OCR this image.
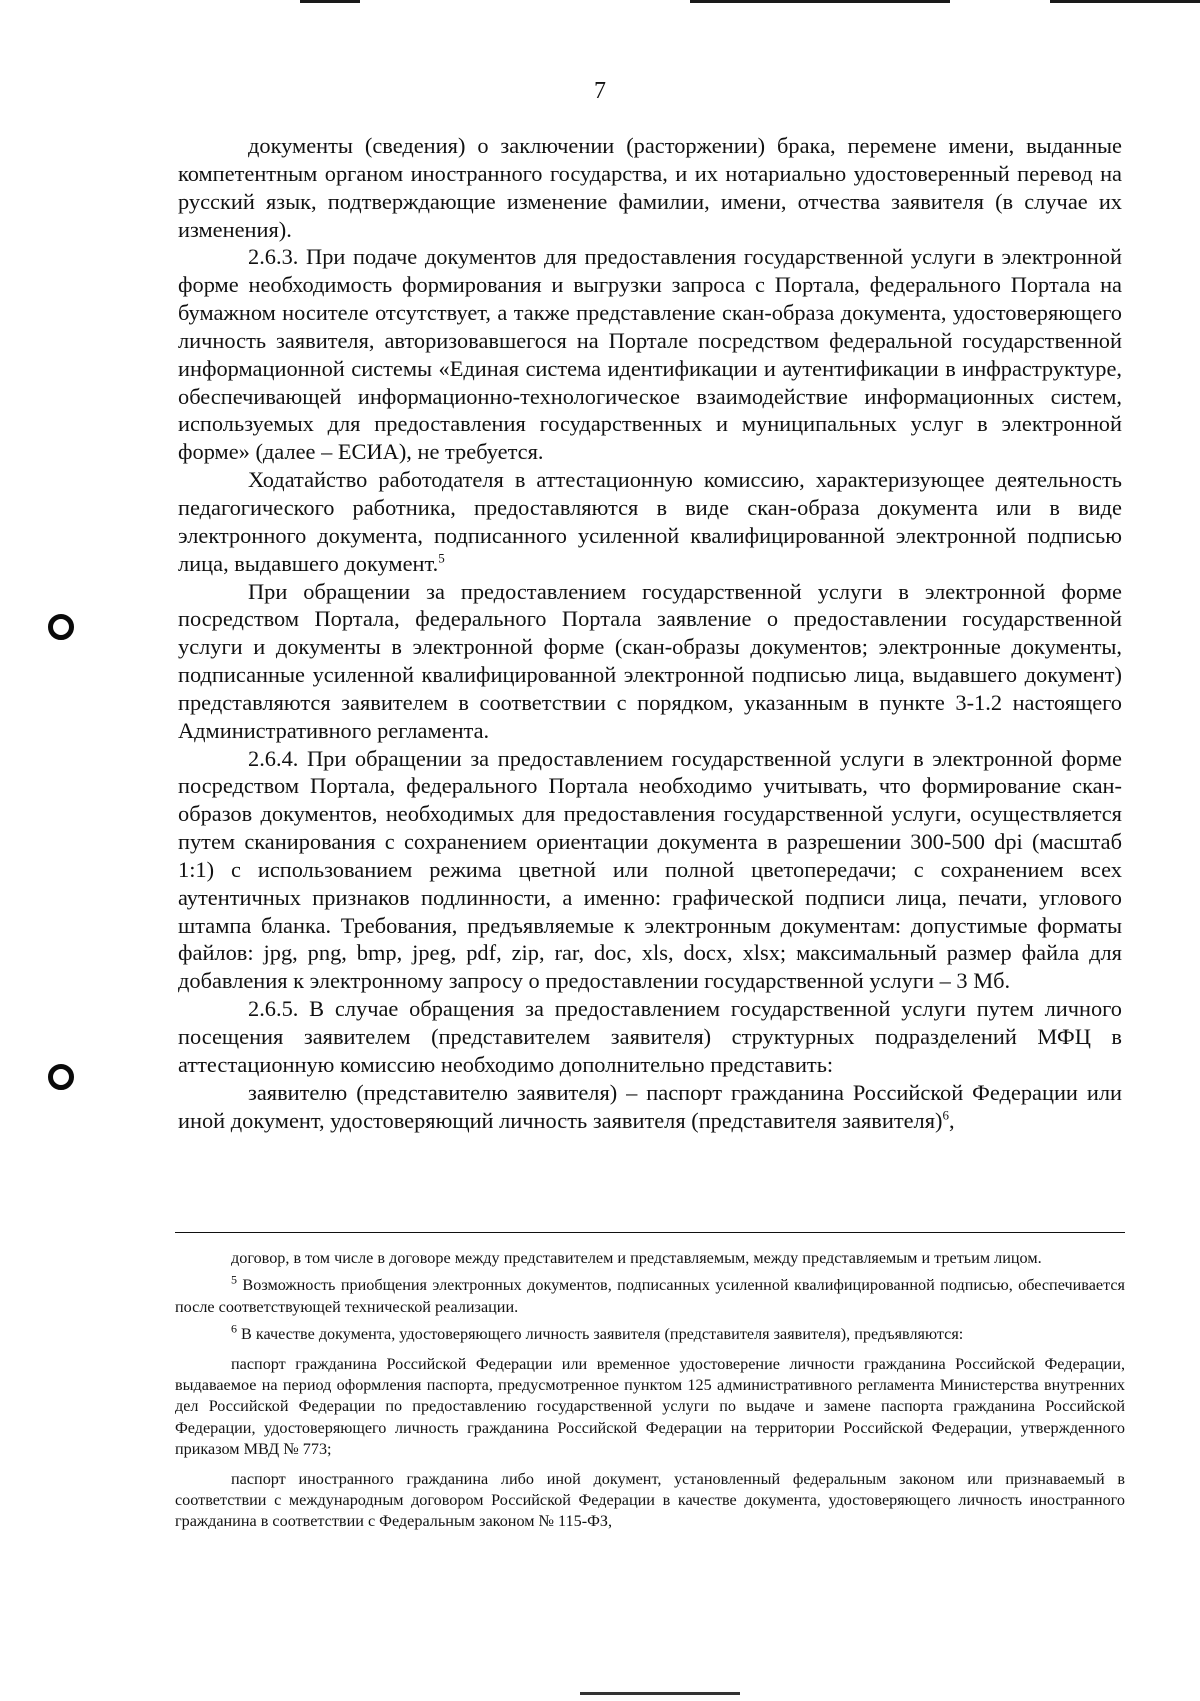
7

документы (сведения) о заключении (расторжении) брака, перемене имени, выданные компетентным органом иностранного государства, и их нотариально удостоверенный перевод на русский язык, подтверждающие изменение фамилии, имени, отчества заявителя (в случае их изменения).

2.6.3. При подаче документов для предоставления государственной услуги в электронной форме необходимость формирования и выгрузки запроса с Портала, федерального Портала на бумажном носителе отсутствует, а также представление скан-образа документа, удостоверяющего личность заявителя, авторизовавшегося на Портале посредством федеральной государственной информационной системы «Единая система идентификации и аутентификации в инфраструктуре, обеспечивающей информационно-технологическое взаимодействие информационных систем, используемых для предоставления государственных и муниципальных услуг в электронной форме» (далее – ЕСИА), не требуется.

Ходатайство работодателя в аттестационную комиссию, характеризующее деятельность педагогического работника, предоставляются в виде скан-образа документа или в виде электронного документа, подписанного усиленной квалифицированной электронной подписью лица, выдавшего документ.$^5$

При обращении за предоставлением государственной услуги в электронной форме посредством Портала, федерального Портала заявление о предоставлении государственной услуги и документы в электронной форме (скан-образы документов; электронные документы, подписанные усиленной квалифицированной электронной подписью лица, выдавшего документ) представляются заявителем в соответствии с порядком, указанным в пункте 3-1.2 настоящего Административного регламента.

2.6.4. При обращении за предоставлением государственной услуги в электронной форме посредством Портала, федерального Портала необходимо учитывать, что формирование скан-образов документов, необходимых для предоставления государственной услуги, осуществляется путем сканирования с сохранением ориентации документа в разрешении 300-500 dpi (масштаб 1:1) с использованием режима цветной или полной цветопередачи; с сохранением всех аутентичных признаков подлинности, а именно: графической подписи лица, печати, углового штампа бланка. Требования, предъявляемые к электронным документам: допустимые форматы файлов: jpg, png, bmp, jpeg, pdf, zip, rar, doc, xls, docx, xlsx; максимальный размер файла для добавления к электронному запросу о предоставлении государственной услуги – 3 Мб.

2.6.5. В случае обращения за предоставлением государственной услуги путем личного посещения заявителем (представителем заявителя) структурных подразделений МФЦ в аттестационную комиссию необходимо дополнительно представить:

заявителю (представителю заявителя) – паспорт гражданина Российской Федерации или иной документ, удостоверяющий личность заявителя (представителя заявителя)$^6$,

договор, в том числе в договоре между представителем и представляемым, между представляемым и третьим лицом.

$^5$ Возможность приобщения электронных документов, подписанных усиленной квалифицированной подписью, обеспечивается после соответствующей технической реализации.

$^6$ В качестве документа, удостоверяющего личность заявителя (представителя заявителя), предъявляются:

паспорт гражданина Российской Федерации или временное удостоверение личности гражданина Российской Федерации, выдаваемое на период оформления паспорта, предусмотренное пунктом 125 административного регламента Министерства внутренних дел Российской Федерации по предоставлению государственной услуги по выдаче и замене паспорта гражданина Российской Федерации, удостоверяющего личность гражданина Российской Федерации на территории Российской Федерации, утвержденного приказом МВД № 773;

паспорт иностранного гражданина либо иной документ, установленный федеральным законом или признаваемый в соответствии с международным договором Российской Федерации в качестве документа, удостоверяющего личность иностранного гражданина в соответствии с Федеральным законом № 115-ФЗ,
